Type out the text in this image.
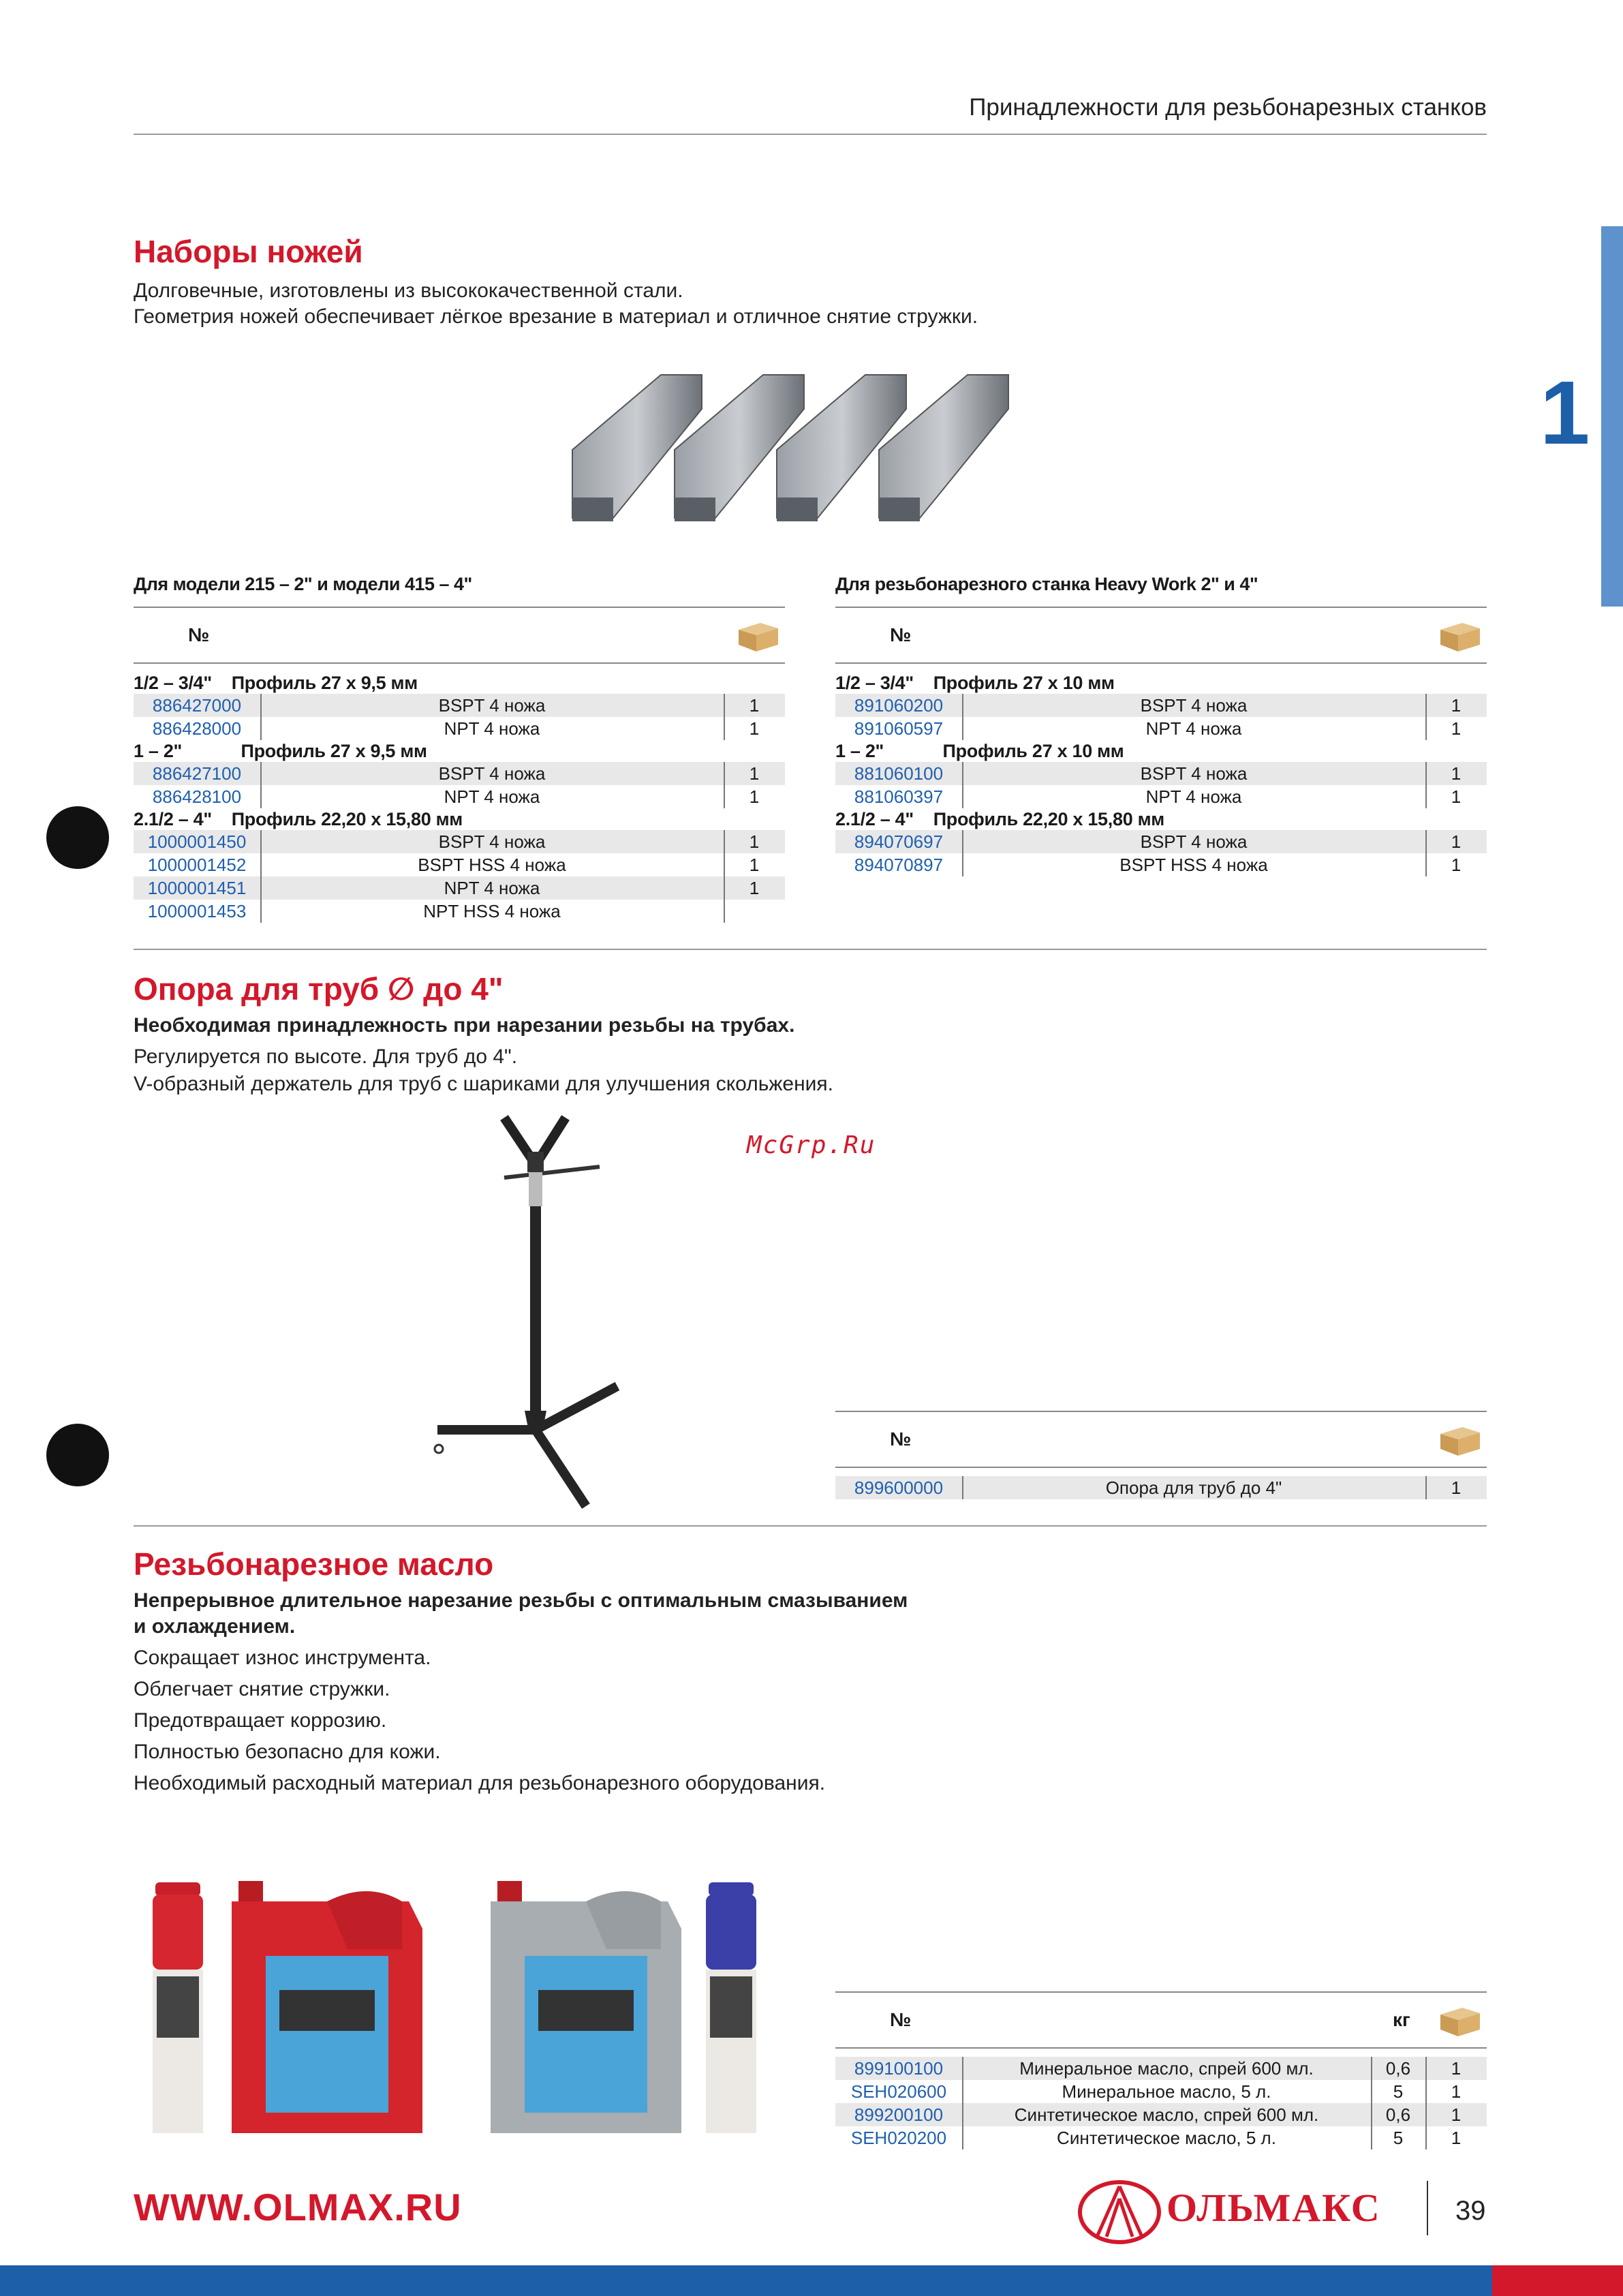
Принадлежности для резьбонарезных станков
1
Наборы ножей
Долговечные, изготовлены из высококачественной стали.
Геометрия ножей обеспечивает лёгкое врезание в материал и отличное снятие стружки.
Для модели 215 – 2" и модели 415 – 4"
№
1/2 – 3/4"    Профиль 27 x 9,5 мм
886427000	BSPT 4 ножа	1
886428000	NPT 4 ножа	1
1 – 2"            Профиль 27 x 9,5 мм
886427100	BSPT 4 ножа	1
886428100	NPT 4 ножа	1
2.1/2 – 4"    Профиль 22,20 x 15,80 мм
1000001450	BSPT 4 ножа	1
1000001452	BSPT HSS 4 ножа	1
1000001451	NPT 4 ножа	1
1000001453	NPT HSS 4 ножа
Для резьбонарезного станка Heavy Work 2" и 4"
№
1/2 – 3/4"    Профиль 27 x 10 мм
891060200	BSPT 4 ножа	1
891060597	NPT 4 ножа	1
1 – 2"            Профиль 27 x 10 мм
881060100	BSPT 4 ножа	1
881060397	NPT 4 ножа	1
2.1/2 – 4"    Профиль 22,20 x 15,80 мм
894070697	BSPT 4 ножа	1
894070897	BSPT HSS 4 ножа	1
Опора для труб ∅ до 4"
Необходимая принадлежность при нарезании резьбы на трубах.
Регулируется по высоте. Для труб до 4".
V-образный держатель для труб с шариками для улучшения скольжения.
McGrp.Ru
№
899600000	Опора для труб до 4"	1
Резьбонарезное масло
Непрерывное длительное нарезание резьбы с оптимальным смазыванием
и охлаждением.
Сокращает износ инструмента.
Облегчает снятие стружки.
Предотвращает коррозию.
Полностью безопасно для кожи.
Необходимый расходный материал для резьбонарезного оборудования.
№	кг
899100100	Минеральное масло, спрей 600 мл.	0,6	1
SEH020600	Минеральное масло, 5 л.	5	1
899200100	Синтетическое масло, спрей 600 мл.	0,6	1
SEH020200	Синтетическое масло, 5 л.	5	1
WWW.OLMAX.RU	ОЛЬМАКС	39
